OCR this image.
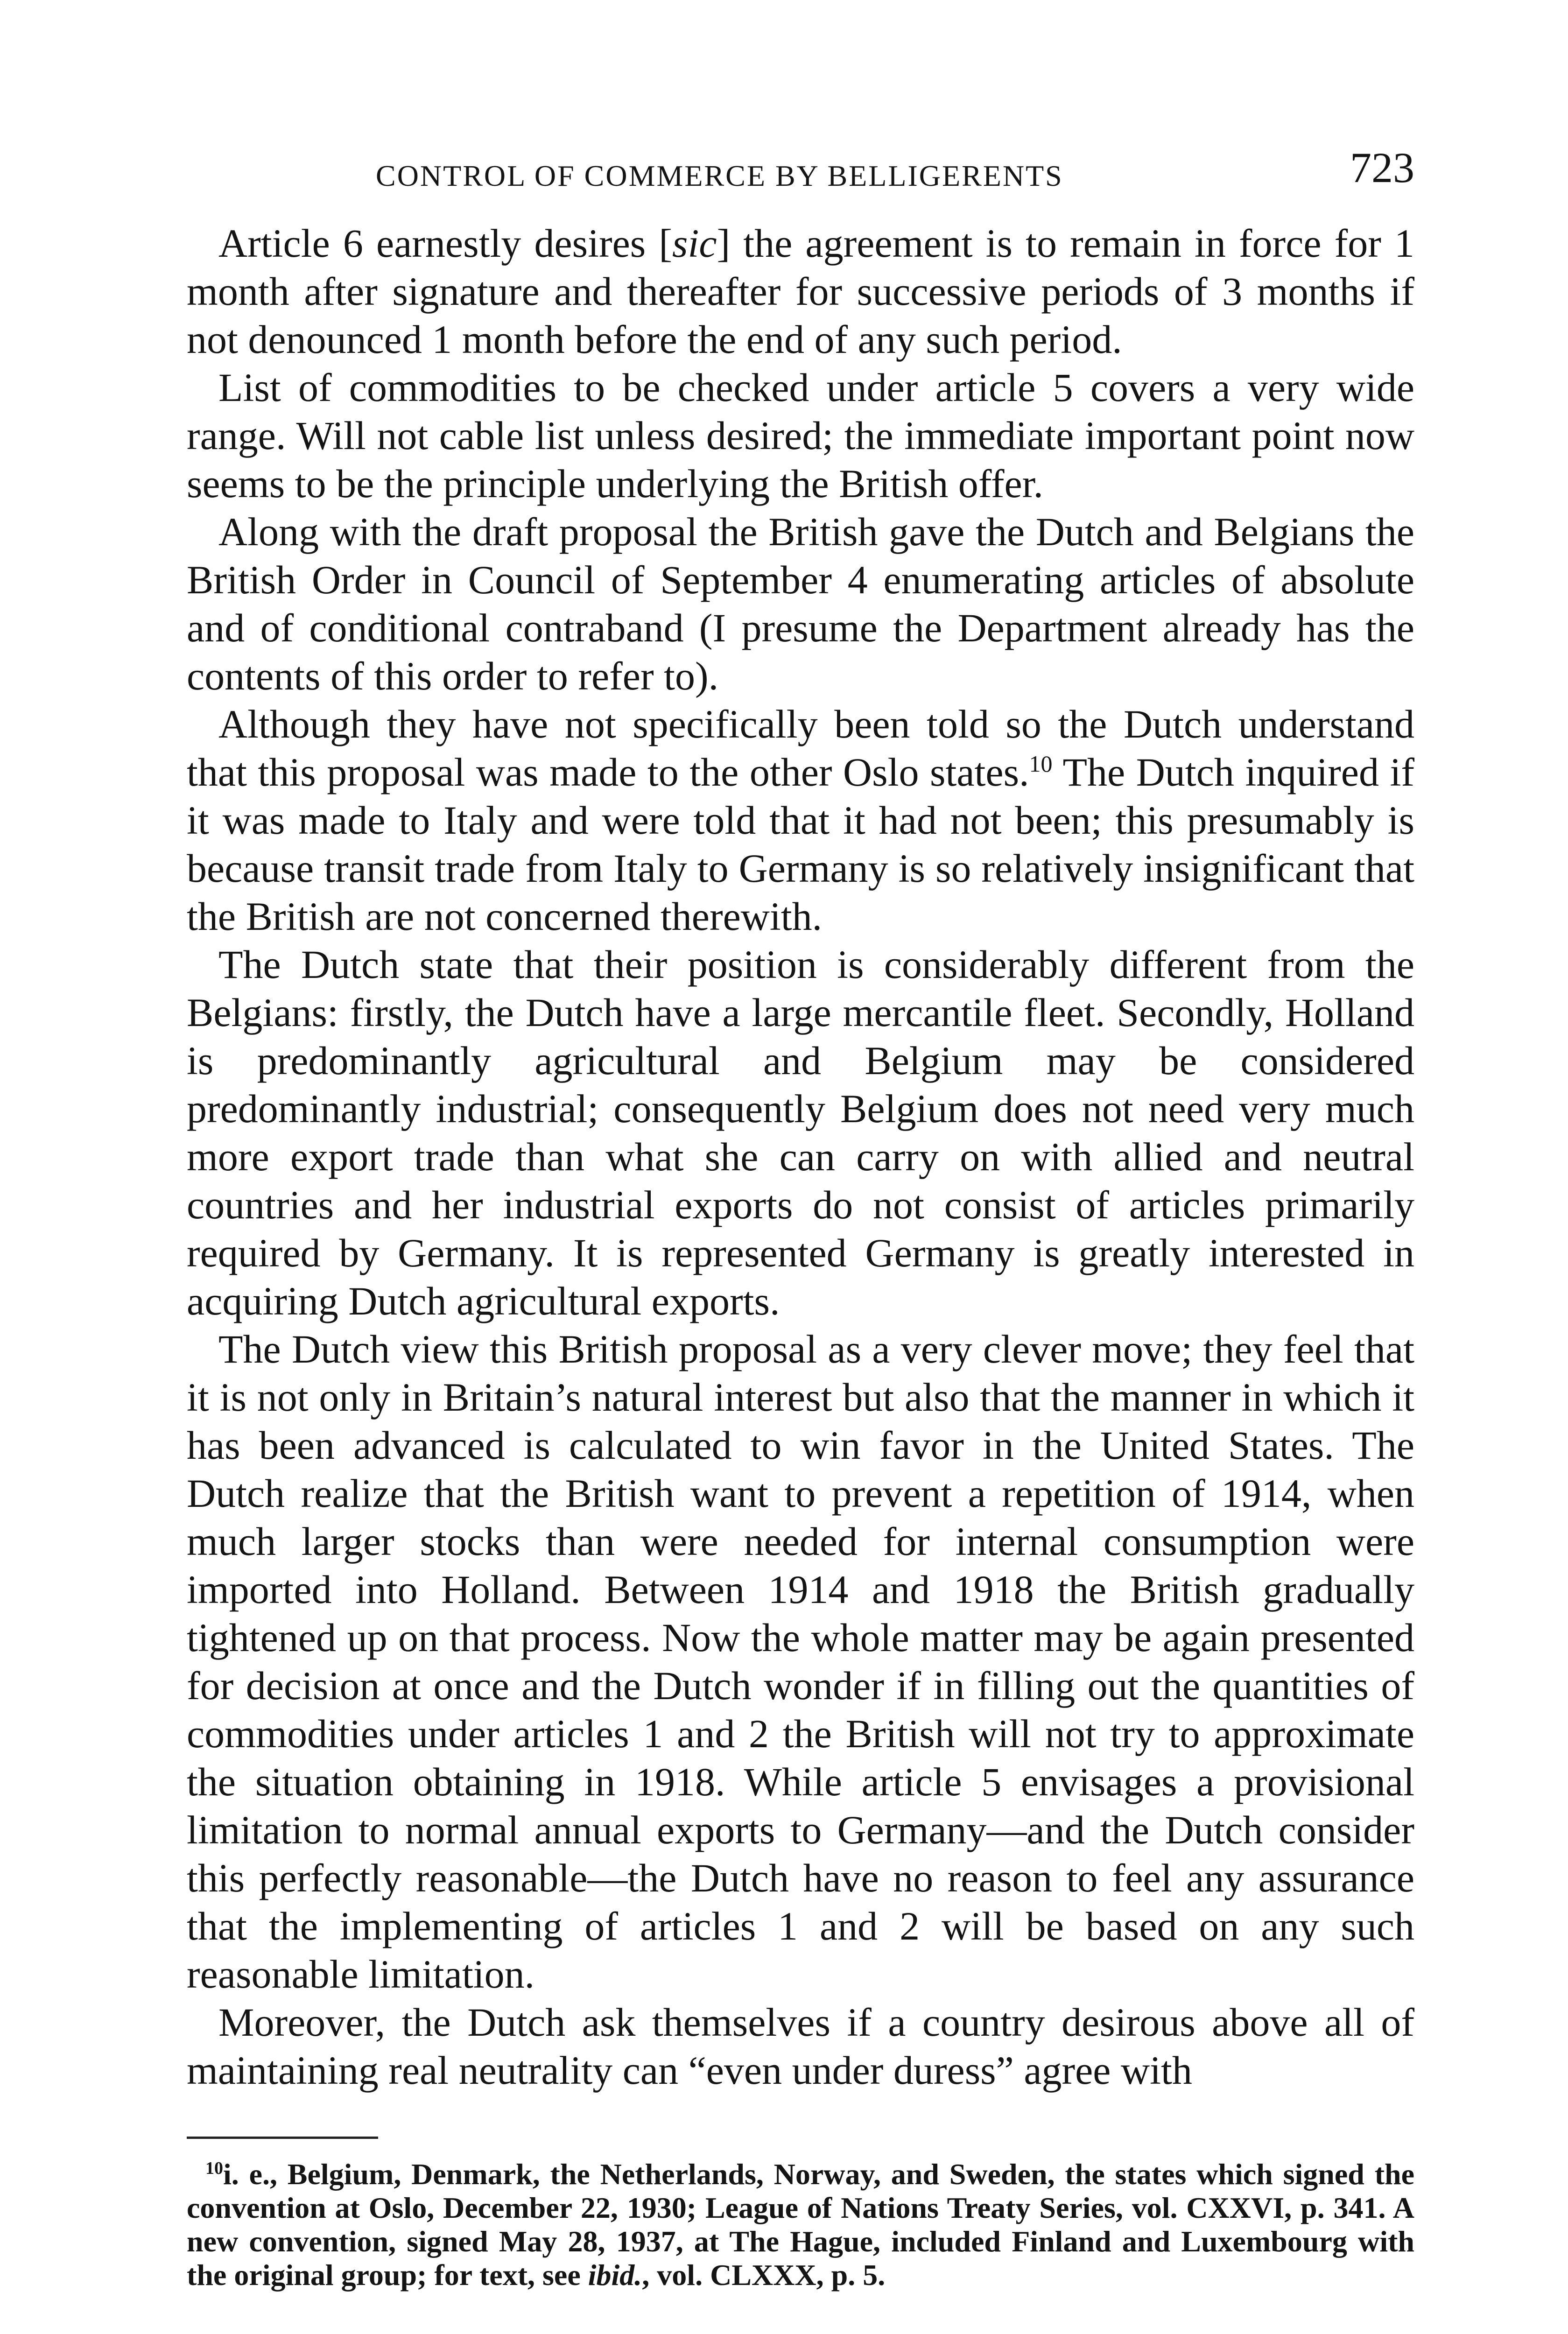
CONTROL OF COMMERCE BY BELLIGERENTS	723

Article 6 earnestly desires [sic] the agreement is to remain in force for 1 month after signature and thereafter for successive periods of 3 months if not denounced 1 month before the end of any such period.

List of commodities to be checked under article 5 covers a very wide range. Will not cable list unless desired; the immediate important point now seems to be the principle underlying the British offer.

Along with the draft proposal the British gave the Dutch and Belgians the British Order in Council of September 4 enumerating articles of absolute and of conditional contraband (I presume the Department already has the contents of this order to refer to).

Although they have not specifically been told so the Dutch understand that this proposal was made to the other Oslo states.$^{10}$ The Dutch inquired if it was made to Italy and were told that it had not been; this presumably is because transit trade from Italy to Germany is so relatively insignificant that the British are not concerned therewith.

The Dutch state that their position is considerably different from the Belgians: firstly, the Dutch have a large mercantile fleet. Secondly, Holland is predominantly agricultural and Belgium may be considered predominantly industrial; consequently Belgium does not need very much more export trade than what she can carry on with allied and neutral countries and her industrial exports do not consist of articles primarily required by Germany. It is represented Germany is greatly interested in acquiring Dutch agricultural exports.

The Dutch view this British proposal as a very clever move; they feel that it is not only in Britain’s natural interest but also that the manner in which it has been advanced is calculated to win favor in the United States. The Dutch realize that the British want to prevent a repetition of 1914, when much larger stocks than were needed for internal consumption were imported into Holland. Between 1914 and 1918 the British gradually tightened up on that process. Now the whole matter may be again presented for decision at once and the Dutch wonder if in filling out the quantities of commodities under articles 1 and 2 the British will not try to approximate the situation obtaining in 1918. While article 5 envisages a provisional limitation to normal annual exports to Germany—and the Dutch consider this perfectly reasonable—the Dutch have no reason to feel any assurance that the implementing of articles 1 and 2 will be based on any such reasonable limitation.

Moreover, the Dutch ask themselves if a country desirous above all of maintaining real neutrality can “even under duress” agree with

$^{10}$i. e., Belgium, Denmark, the Netherlands, Norway, and Sweden, the states which signed the convention at Oslo, December 22, 1930; League of Nations Treaty Series, vol. CXXVI, p. 341. A new convention, signed May 28, 1937, at The Hague, included Finland and Luxembourg with the original group; for text, see ibid., vol. CLXXX, p. 5.
